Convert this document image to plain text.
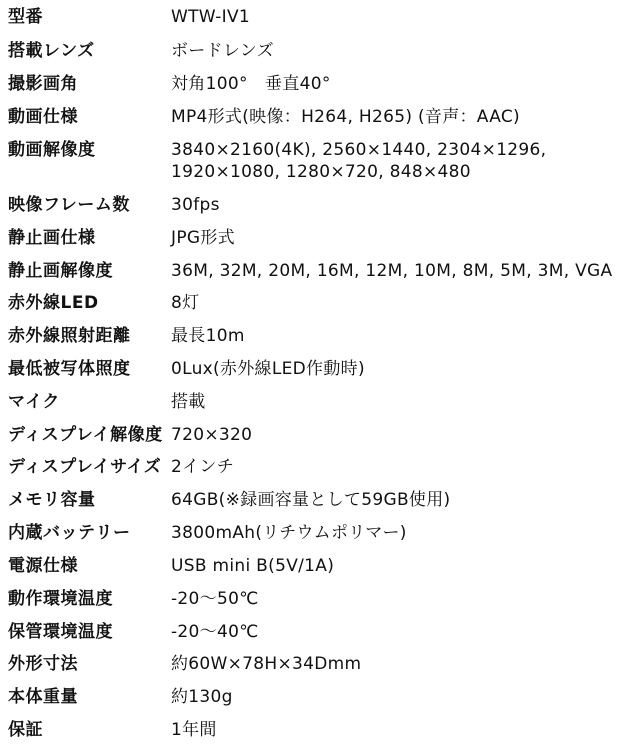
型番	WTW-IV1
搭載レンズ	ボードレンズ
撮影画角	対角100°　垂直40°
動画仕様	MP4形式(映像：H264, H265) (音声：AAC)
動画解像度	3840×2160(4K), 2560×1440, 2304×1296,
1920×1080, 1280×720, 848×480
映像フレーム数 30fps
静止画仕様	JPG形式
静止画解像度	36M, 32M, 20M, 16M, 12M, 10M, 8M, 5M, 3M, VGA
赤外線LED	8灯
赤外線照射距離 最長10m
最低被写体照度 0Lux(赤外線LED作動時)
マイク	搭載
ディスプレイ解像度 720×320
ディスプレイサイズ 2インチ
メモリ容量	64GB(※録画容量として59GB使用)
内蔵バッテリー 3800mAh(リチウムポリマー)
電源仕様	USB mini B(5V/1A)
動作環境温度	-20～50℃
保管環境温度	-20～40℃
外形寸法	約60W×78H×34Dmm
本体重量	約130g
保証	1年間
